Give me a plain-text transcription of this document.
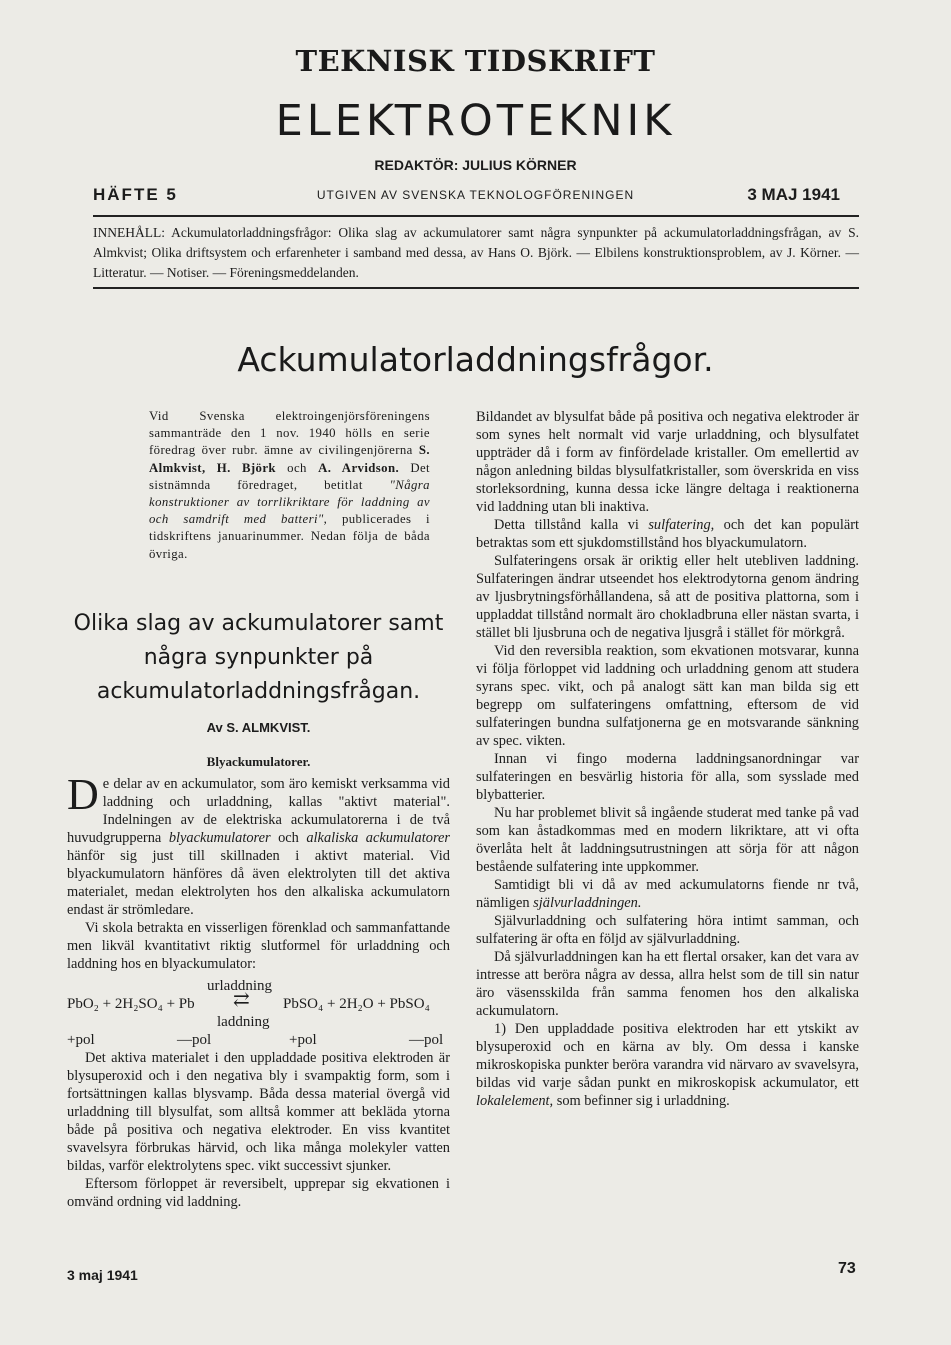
TEKNISK TIDSKRIFT
ELEKTROTEKNIK
REDAKTÖR: JULIUS KÖRNER
HÄFTE 5	UTGIVEN AV SVENSKA TEKNOLOGFÖRENINGEN	3 MAJ 1941
INNEHÅLL: Ackumulatorladdningsfrågor: Olika slag av ackumulatorer samt några synpunkter på ackumulatorladdningsfrågan, av S. Almkvist; Olika driftsystem och erfarenheter i samband med dessa, av Hans O. Björk. — Elbilens konstruktionsproblem, av J. Körner. — Litteratur. — Notiser. — Föreningsmeddelanden.
Ackumulatorladdningsfrågor.
Vid Svenska elektroingenjörsföreningens sammanträde den 1 nov. 1940 hölls en serie föredrag över rubr. ämne av civilingenjörerna S. Almkvist, H. Björk och A. Arvidson. Det sistnämnda föredraget, betitlat "Några konstruktioner av torrlikriktare för laddning av och samdrift med batteri", publicerades i tidskriftens januarinummer. Nedan följa de båda övriga.
Olika slag av ackumulatorer samt några synpunkter på ackumulatorladdningsfrågan.
Av S. ALMKVIST.
Blyackumulatorer.

De delar av en ackumulator, som äro kemiskt verksamma vid laddning och urladdning, kallas "aktivt material". Indelningen av de elektriska ackumulatorerna i de två huvudgrupperna blyackumulatorer och alkaliska ackumulatorer hänför sig just till skillnaden i aktivt material. Vid blyackumulatorn hänföres då även elektrolyten till det aktiva materialet, medan elektrolyten hos den alkaliska ackumulatorn endast är strömledare.

Vi skola betrakta en visserligen förenklad och sammanfattande men likväl kvantitativt riktig slutformel för urladdning och laddning hos en blyackumulator:

urladdning
PbO₂ + 2H₂SO₄ + Pb ⇄ PbSO₄ + 2H₂O + PbSO₄
laddning
+pol	—pol	+pol	—pol

Det aktiva materialet i den uppladdade positiva elektroden är blysuperoxid och i den negativa bly i svampaktig form, som i fortsättningen kallas blysvamp. Båda dessa material övergå vid urladdning till blysulfat, som alltså kommer att bekläda ytorna både på positiva och negativa elektroder. En viss kvantitet svavelsyra förbrukas härvid, och lika många molekyler vatten bildas, varför elektrolytens spec. vikt successivt sjunker.

Eftersom förloppet är reversibelt, upprepar sig ekvationen i omvänd ordning vid laddning.

Bildandet av blysulfat både på positiva och negativa elektroder är som synes helt normalt vid varje urladdning, och blysulfatet uppträder då i form av finfördelade kristaller. Om emellertid av någon anledning bildas blysulfatkristaller, som överskrida en viss storleksordning, kunna dessa icke längre deltaga i reaktionerna vid laddning utan bli inaktiva.

Detta tillstånd kalla vi sulfatering, och det kan populärt betraktas som ett sjukdomstillstånd hos blyackumulatorn.

Sulfateringens orsak är oriktig eller helt utebliven laddning. Sulfateringen ändrar utseendet hos elektrodytorna genom ändring av ljusbrytningsförhållandena, så att de positiva plattorna, som i uppladdat tillstånd normalt äro chokladbruna eller nästan svarta, i stället bli ljusbruna och de negativa ljusgrå i stället för mörkgrå.

Vid den reversibla reaktion, som ekvationen motsvarar, kunna vi följa förloppet vid laddning och urladdning genom att studera syrans spec. vikt, och på analogt sätt kan man bilda sig ett begrepp om sulfateringens omfattning, eftersom de vid sulfateringen bundna sulfatjonerna ge en motsvarande sänkning av spec. vikten.

Innan vi fingo moderna laddningsanordningar var sulfateringen en besvärlig historia för alla, som sysslade med blybatterier.

Nu har problemet blivit så ingående studerat med tanke på vad som kan åstadkommas med en modern likriktare, att vi ofta överlåta helt åt laddningsutrustningen att sörja för att någon bestående sulfatering inte uppkommer.

Samtidigt bli vi då av med ackumulatorns fiende nr två, nämligen självurladdningen.

Självurladdning och sulfatering höra intimt samman, och sulfatering är ofta en följd av självurladdning.

Då självurladdningen kan ha ett flertal orsaker, kan det vara av intresse att beröra några av dessa, allra helst som de till sin natur äro väsensskilda från samma fenomen hos den alkaliska ackumulatorn.

1) Den uppladdade positiva elektroden har ett ytskikt av blysuperoxid och en kärna av bly. Om dessa i kanske mikroskopiska punkter beröra varandra vid närvaro av svavelsyra, bildas vid varje sådan punkt en mikroskopisk ackumulator, ett lokalelement, som befinner sig i urladdning.

3 maj 1941	73
